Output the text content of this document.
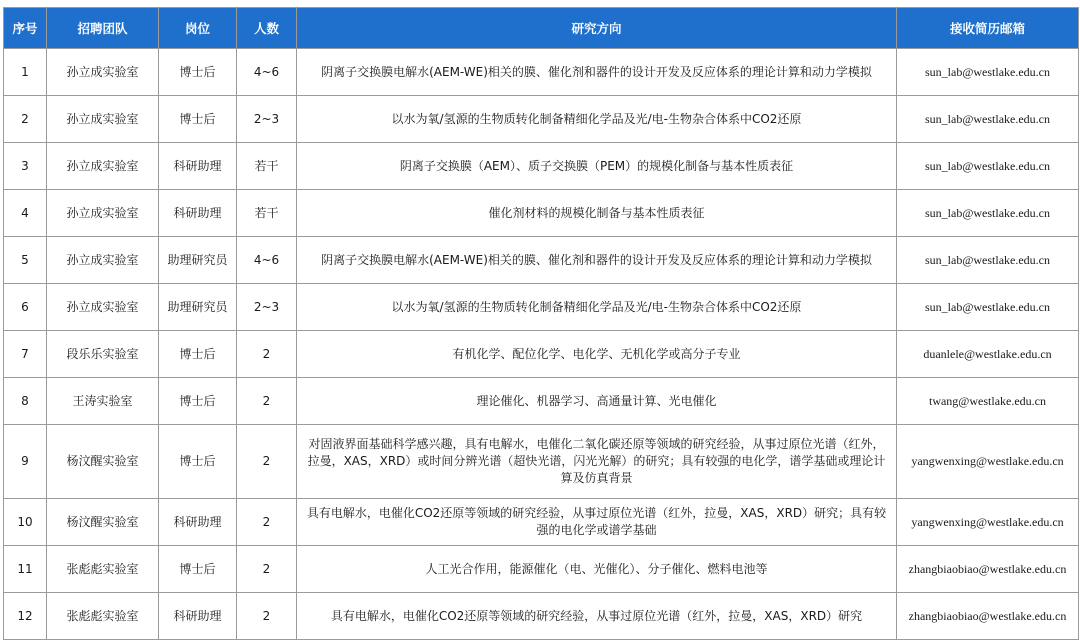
序号	招聘团队	岗位	人数	研究方向	接收简历邮箱
1	孙立成实验室	博士后	4~6	阴离子交换膜电解水(AEM-WE)相关的膜、催化剂和器件的设计开发及反应体系的理论计算和动力学模拟	sun_lab@westlake.edu.cn
2	孙立成实验室	博士后	2~3	以水为氧/氢源的生物质转化制备精细化学品及光/电-生物杂合体系中CO2还原	sun_lab@westlake.edu.cn
3	孙立成实验室	科研助理	若干	阴离子交换膜（AEM）、质子交换膜（PEM）的规模化制备与基本性质表征	sun_lab@westlake.edu.cn
4	孙立成实验室	科研助理	若干	催化剂材料的规模化制备与基本性质表征	sun_lab@westlake.edu.cn
5	孙立成实验室	助理研究员	4~6	阴离子交换膜电解水(AEM-WE)相关的膜、催化剂和器件的设计开发及反应体系的理论计算和动力学模拟	sun_lab@westlake.edu.cn
6	孙立成实验室	助理研究员	2~3	以水为氧/氢源的生物质转化制备精细化学品及光/电-生物杂合体系中CO2还原	sun_lab@westlake.edu.cn
7	段乐乐实验室	博士后	2	有机化学、配位化学、电化学、无机化学或高分子专业	duanlele@westlake.edu.cn
8	王涛实验室	博士后	2	理论催化、机器学习、高通量计算、光电催化	twang@westlake.edu.cn
9	杨汶醒实验室	博士后	2	对固液界面基础科学感兴趣，具有电解水，电催化二氧化碳还原等领域的研究经验，从事过原位光谱（红外，拉曼，XAS，XRD）或时间分辨光谱（超快光谱，闪光光解）的研究；具有较强的电化学，谱学基础或理论计算及仿真背景	yangwenxing@westlake.edu.cn
10	杨汶醒实验室	科研助理	2	具有电解水，电催化CO2还原等领域的研究经验，从事过原位光谱（红外，拉曼，XAS，XRD）研究；具有较强的电化学或谱学基础	yangwenxing@westlake.edu.cn
11	张彪彪实验室	博士后	2	人工光合作用，能源催化（电、光催化）、分子催化、燃料电池等	zhangbiaobiao@westlake.edu.cn
12	张彪彪实验室	科研助理	2	具有电解水，电催化CO2还原等领域的研究经验，从事过原位光谱（红外，拉曼，XAS，XRD）研究	zhangbiaobiao@westlake.edu.cn
